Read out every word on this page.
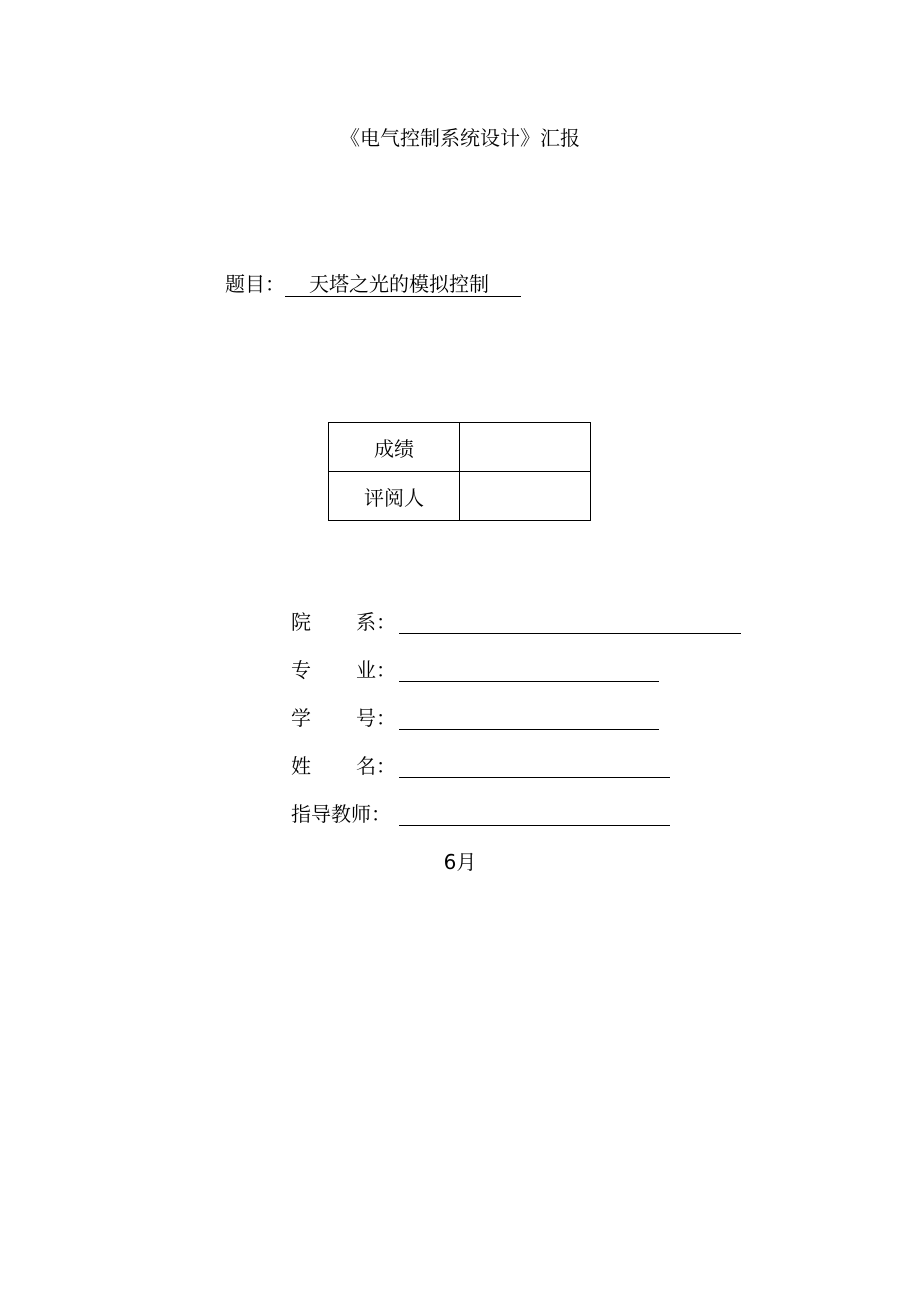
《电气控制系统设计》汇报
题目： 天塔之光的模拟控制
成绩	
评阅人	
院 系 ：
专 业 ：
学 号 ：
姓 名 ：
指导教师：
6月
